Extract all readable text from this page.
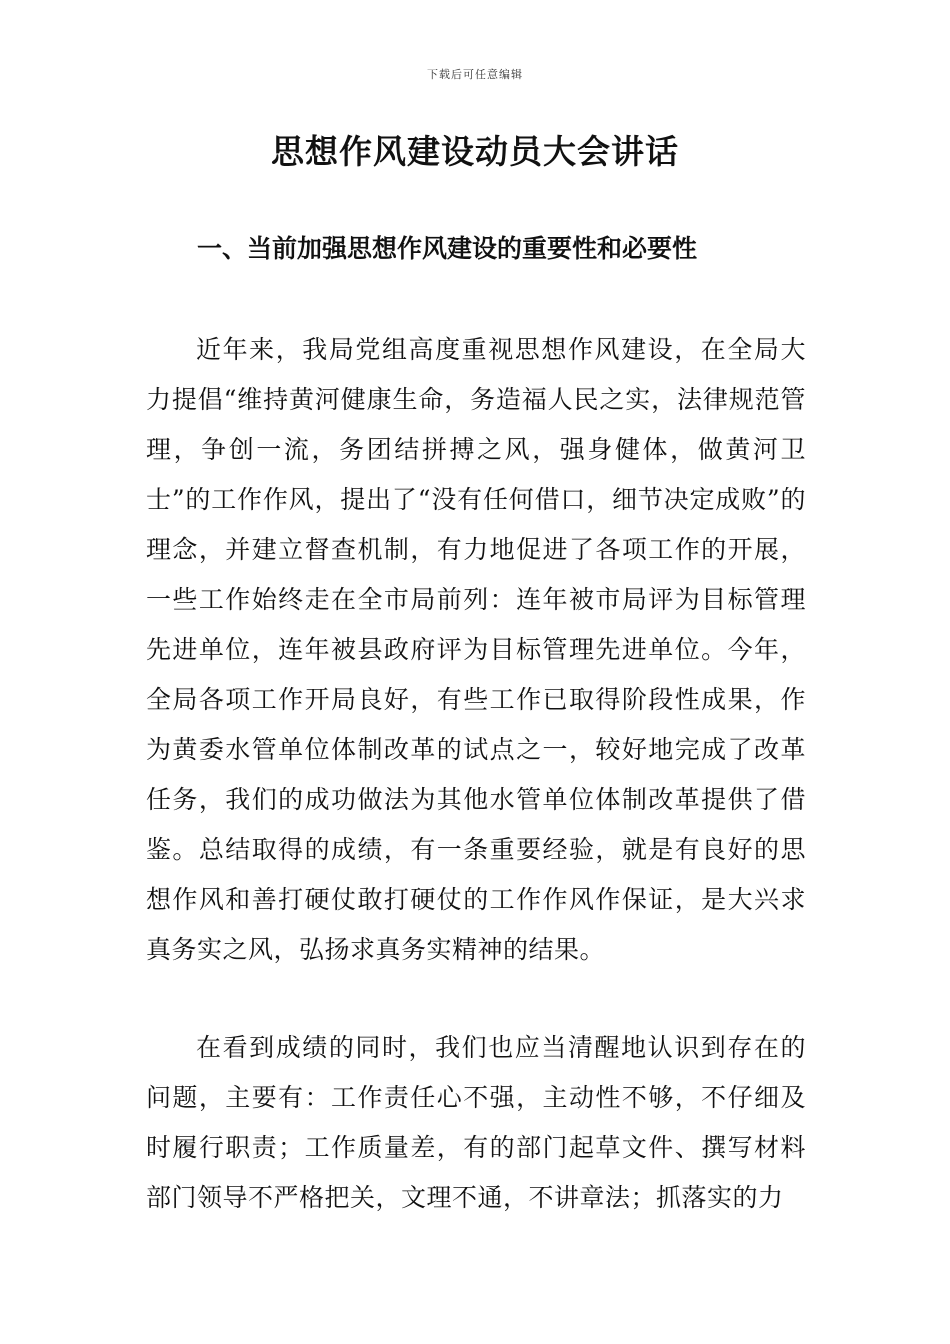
下载后可任意编辑
思想作风建设动员大会讲话
一、当前加强思想作风建设的重要性和必要性

近年来，我局党组高度重视思想作风建设，在全局大力提倡“维持黄河健康生命，务造福人民之实，法律规范管理，争创一流，务团结拼搏之风，强身健体，做黄河卫士”的工作作风，提出了“没有任何借口，细节决定成败”的理念，并建立督查机制，有力地促进了各项工作的开展，一些工作始终走在全市局前列：连年被市局评为目标管理先进单位，连年被县政府评为目标管理先进单位。今年，全局各项工作开局良好，有些工作已取得阶段性成果，作为黄委水管单位体制改革的试点之一，较好地完成了改革任务，我们的成功做法为其他水管单位体制改革提供了借鉴。总结取得的成绩，有一条重要经验，就是有良好的思想作风和善打硬仗敢打硬仗的工作作风作保证，是大兴求真务实之风，弘扬求真务实精神的结果。

在看到成绩的同时，我们也应当清醒地认识到存在的问题，主要有：工作责任心不强，主动性不够，不仔细及时履行职责；工作质量差，有的部门起草文件、撰写材料部门领导不严格把关，文理不通，不讲章法；抓落实的力
